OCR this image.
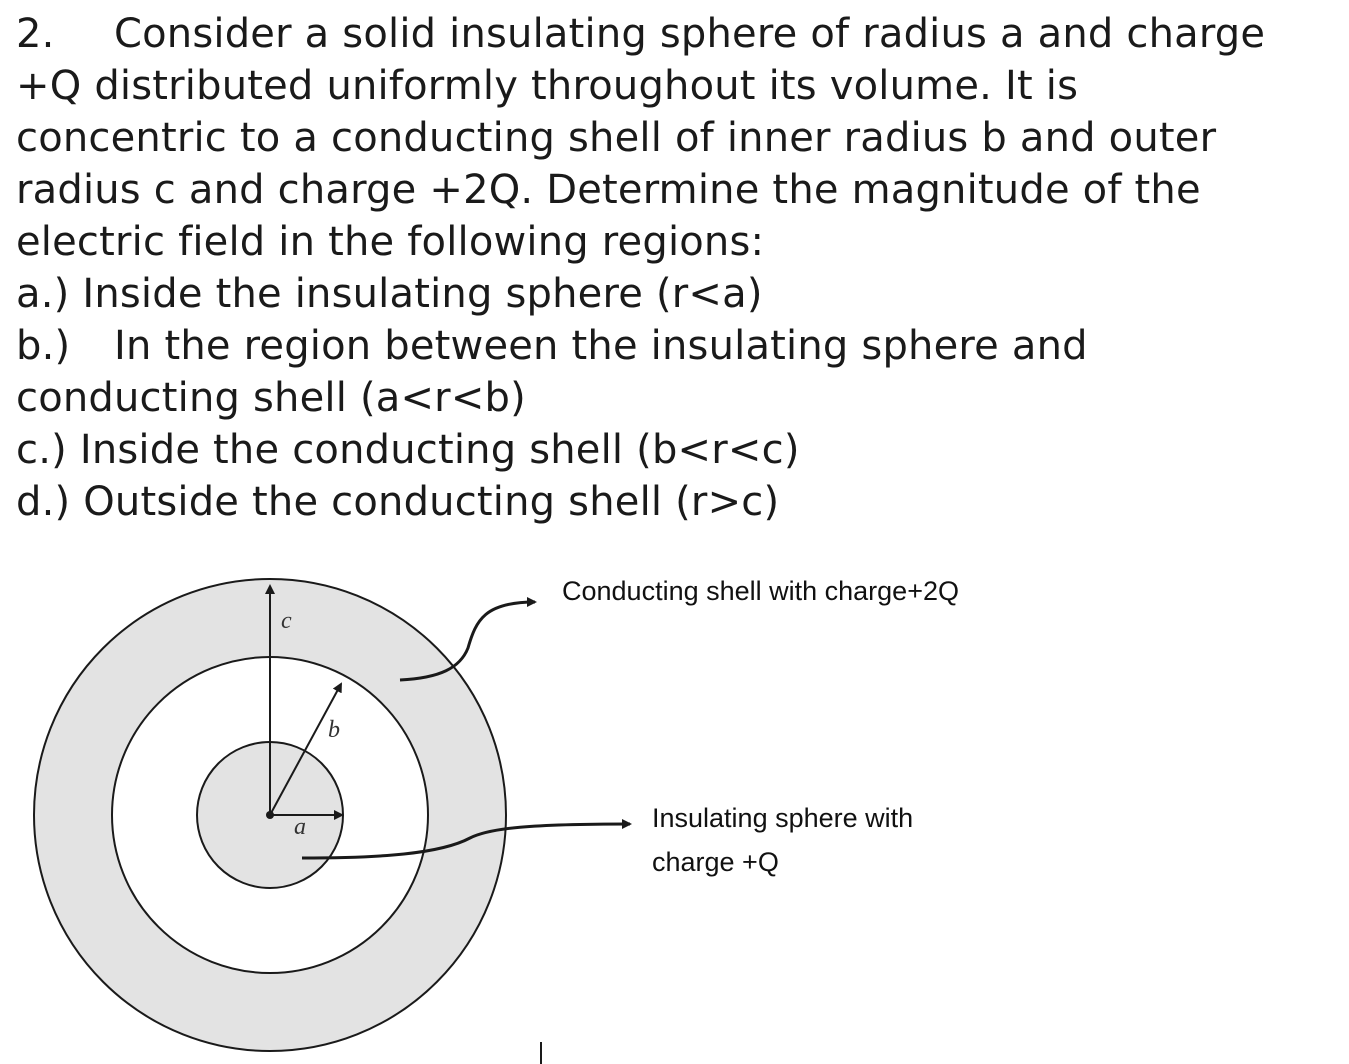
2. Consider a solid insulating sphere of radius a and charge
+Q distributed uniformly throughout its volume. It is
concentric to a conducting shell of inner radius b and outer
radius c and charge +2Q. Determine the magnitude of the
electric field in the following regions:
a.) Inside the insulating sphere (r<a)
b.) In the region between the insulating sphere and
conducting shell (a<r<b)
c.) Inside the conducting shell (b<r<c)
d.) Outside the conducting shell (r>c)
c
b
a
Conducting shell with charge+2Q
Insulating sphere with
charge +Q
